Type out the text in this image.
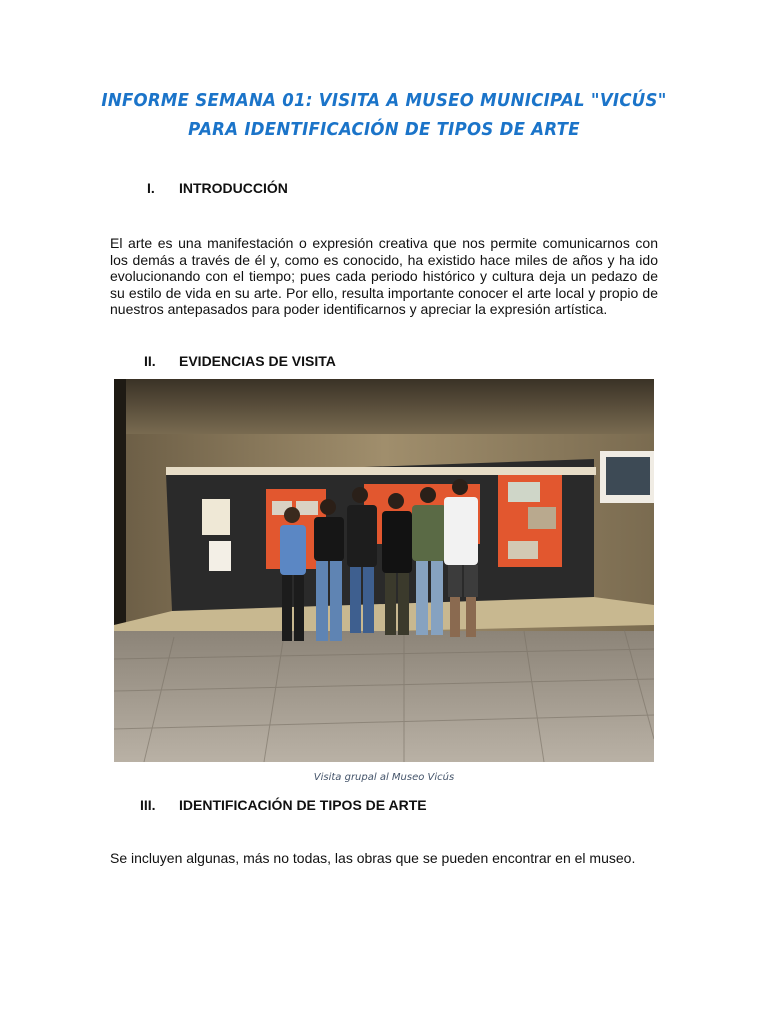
INFORME SEMANA 01: VISITA A MUSEO MUNICIPAL "VICÚS" PARA IDENTIFICACIÓN DE TIPOS DE ARTE
I. INTRODUCCIÓN
El arte es una manifestación o expresión creativa que nos permite comunicarnos con los demás a través de él y, como es conocido, ha existido hace miles de años y ha ido evolucionando con el tiempo; pues cada periodo histórico y cultura deja un pedazo de su estilo de vida en su arte. Por ello, resulta importante conocer el arte local y propio de nuestros antepasados para poder identificarnos y apreciar la expresión artística.
II. EVIDENCIAS DE VISITA
Visita grupal al Museo Vicús
III. IDENTIFICACIÓN DE TIPOS DE ARTE
Se incluyen algunas, más no todas, las obras que se pueden encontrar en el museo.
